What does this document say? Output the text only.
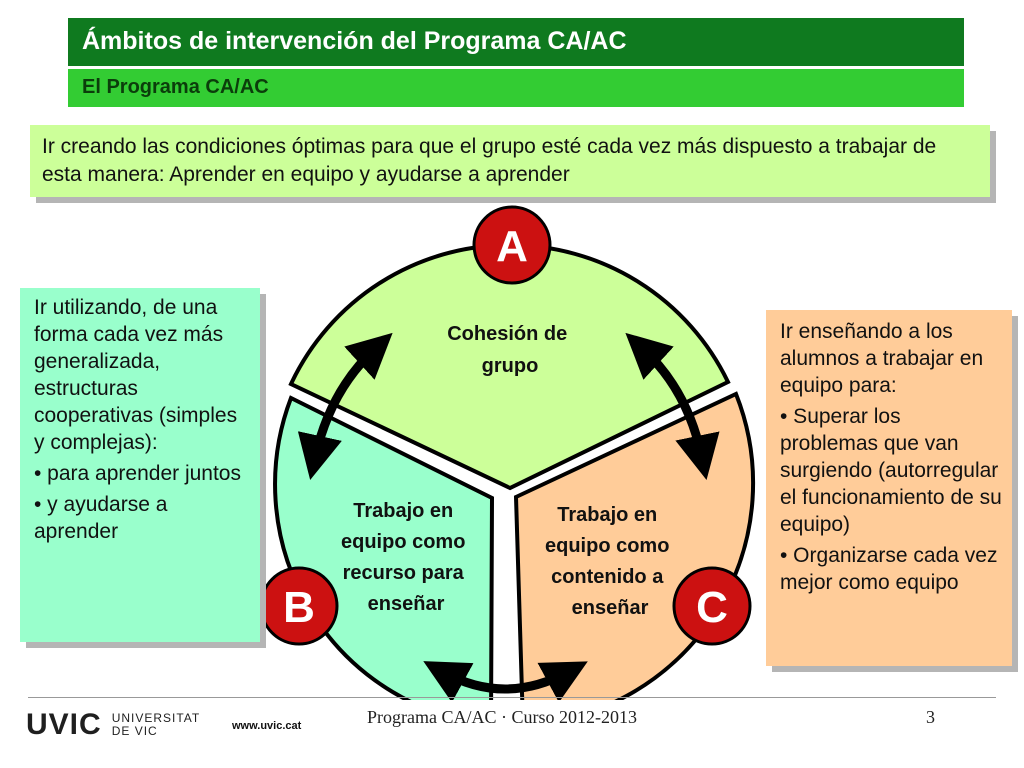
Ámbitos de intervención del Programa CA/AC
El Programa CA/AC

Ir creando las condiciones óptimas para que el grupo esté cada vez más dispuesto a trabajar de esta manera: Aprender en equipo y ayudarse a aprender

Cohesión de grupo
Trabajo en equipo como recurso para enseñar
Trabajo en equipo como contenido a enseñar
A
B	C

Ir utilizando, de una forma cada vez más generalizada, estructuras cooperativas (simples y complejas):

• para aprender juntos
• y ayudarse a aprender

Ir enseñando a los alumnos a trabajar en equipo para:

• Superar los problemas que van surgiendo (autorregular el funcionamiento de su equipo)
• Organizarse cada vez mejor como equipo
UVIC UNIVERSITAT
DE VIC	www.uvic.cat	Programa CA/AC · Curso 2012-2013	3
